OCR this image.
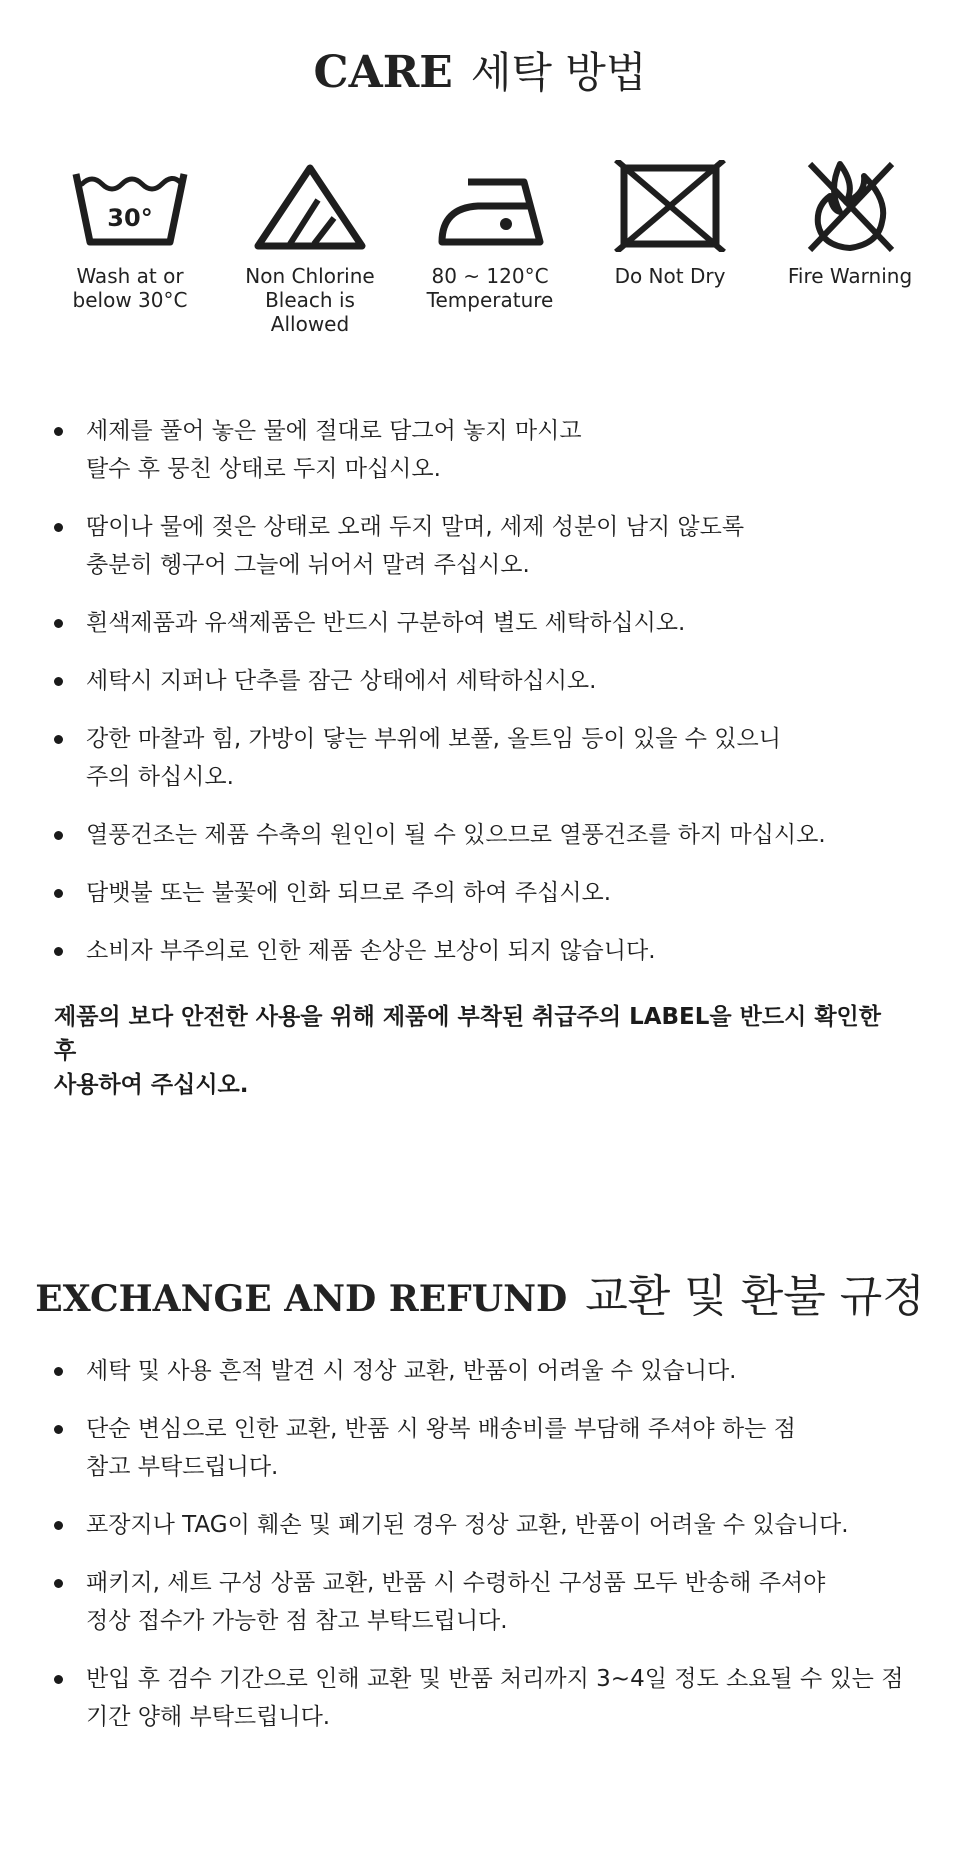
CARE 세탁 방법
30°
Wash at or
below 30°C
Non Chlorine
Bleach is
Allowed
80 ~ 120°C
Temperature
Do Not Dry	Fire Warning
세제를 풀어 놓은 물에 절대로 담그어 놓지 마시고
탈수 후 뭉친 상태로 두지 마십시오.
땀이나 물에 젖은 상태로 오래 두지 말며, 세제 성분이 남지 않도록
충분히 헹구어 그늘에 뉘어서 말려 주십시오.
흰색제품과 유색제품은 반드시 구분하여 별도 세탁하십시오.
세탁시 지퍼나 단추를 잠근 상태에서 세탁하십시오.
강한 마찰과 힘, 가방이 닿는 부위에 보풀, 올트임 등이 있을 수 있으니
주의 하십시오.
열풍건조는 제품 수축의 원인이 될 수 있으므로 열풍건조를 하지 마십시오.
담뱃불 또는 불꽃에 인화 되므로 주의 하여 주십시오.
소비자 부주의로 인한 제품 손상은 보상이 되지 않습니다.
제품의 보다 안전한 사용을 위해 제품에 부착된 취급주의 LABEL을 반드시 확인한 후
사용하여 주십시오.
EXCHANGE AND REFUND 교환 및 환불 규정
세탁 및 사용 흔적 발견 시 정상 교환, 반품이 어려울 수 있습니다.
단순 변심으로 인한 교환, 반품 시 왕복 배송비를 부담해 주셔야 하는 점
참고 부탁드립니다.
포장지나 TAG이 훼손 및 폐기된 경우 정상 교환, 반품이 어려울 수 있습니다.
패키지, 세트 구성 상품 교환, 반품 시 수령하신 구성품 모두 반송해 주셔야
정상 접수가 가능한 점 참고 부탁드립니다.
반입 후 검수 기간으로 인해 교환 및 반품 처리까지 3~4일 정도 소요될 수 있는 점
기간 양해 부탁드립니다.
